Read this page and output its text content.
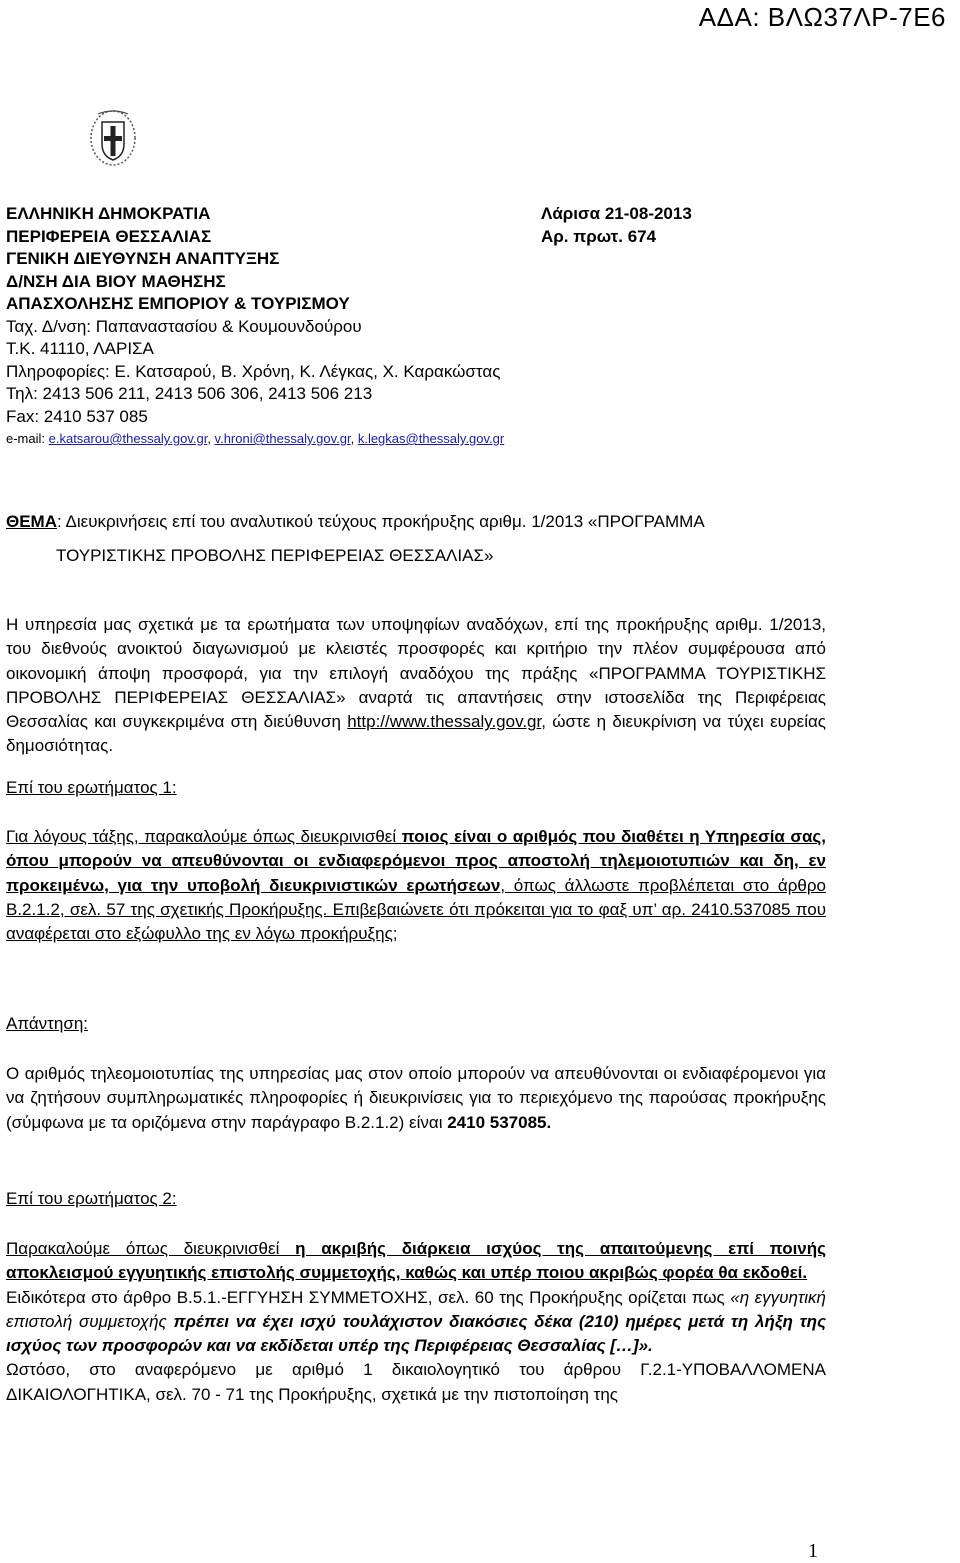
ΑΔΑ: ΒΛΩ37ΛΡ-7Ε6
ΕΛΛΗΝΙΚΗ ΔΗΜΟΚΡΑΤΙΑ
ΠΕΡΙΦΕΡΕΙΑ ΘΕΣΣΑΛΙΑΣ
ΓΕΝΙΚΗ ΔΙΕΥΘΥΝΣΗ ΑΝΑΠΤΥΞΗΣ
Δ/ΝΣΗ ΔΙΑ ΒΙΟΥ ΜΑΘΗΣΗΣ
ΑΠΑΣΧΟΛΗΣΗΣ ΕΜΠΟΡΙΟΥ & ΤΟΥΡΙΣΜΟΥ
Ταχ. Δ/νση: Παπαναστασίου & Κουμουνδούρου
Τ.Κ. 41110, ΛΑΡΙΣΑ
Πληροφορίες: Ε. Κατσαρού, Β. Χρόνη, Κ. Λέγκας, Χ. Καρακώστας
Τηλ: 2413 506 211, 2413 506 306, 2413 506 213
Fax: 2410 537 085
e-mail: e.katsarou@thessaly.gov.gr, v.hroni@thessaly.gov.gr, k.legkas@thessaly.gov.gr
Λάρισα 21-08-2013
Αρ. πρωτ. 674
ΘΕΜΑ: Διευκρινήσεις επί του αναλυτικού τεύχους προκήρυξης αριθμ. 1/2013 «ΠΡΟΓΡΑΜΜΑ
ΤΟΥΡΙΣΤΙΚΗΣ ΠΡΟΒΟΛΗΣ ΠΕΡΙΦΕΡΕΙΑΣ ΘΕΣΣΑΛΙΑΣ»
Η υπηρεσία μας σχετικά με τα ερωτήματα των υποψηφίων αναδόχων, επί της προκήρυξης αριθμ. 1/2013, του διεθνούς ανοικτού διαγωνισμού με κλειστές προσφορές και κριτήριο την πλέον συμφέρουσα από οικονομική άποψη προσφορά, για την επιλογή αναδόχου της πράξης «ΠΡΟΓΡΑΜΜΑ ΤΟΥΡΙΣΤΙΚΗΣ ΠΡΟΒΟΛΗΣ ΠΕΡΙΦΕΡΕΙΑΣ ΘΕΣΣΑΛΙΑΣ» αναρτά τις απαντήσεις στην ιστοσελίδα της Περιφέρειας Θεσσαλίας και συγκεκριμένα στη διεύθυνση http://www.thessaly.gov.gr, ώστε η διευκρίνιση να τύχει ευρείας δημοσιότητας.
Επί του ερωτήματος 1:
Για λόγους τάξης, παρακαλούμε όπως διευκρινισθεί ποιος είναι ο αριθμός που διαθέτει η Υπηρεσία σας, όπου μπορούν να απευθύνονται οι ενδιαφερόμενοι προς αποστολή τηλεμοιοτυπιών και δη, εν προκειμένω, για την υποβολή διευκρινιστικών ερωτήσεων, όπως άλλωστε προβλέπεται στο άρθρο Β.2.1.2, σελ. 57 της σχετικής Προκήρυξης. Επιβεβαιώνετε ότι πρόκειται για το φαξ υπ’ αρ. 2410.537085 που αναφέρεται στο εξώφυλλο της εν λόγω προκήρυξης;
Απάντηση:
Ο αριθμός τηλεομοιοτυπίας της υπηρεσίας μας στον οποίο μπορούν να απευθύνονται οι ενδιαφέρομενοι για να ζητήσουν συμπληρωματικές πληροφορίες ή διευκρινίσεις για το περιεχόμενο της παρούσας προκήρυξης (σύμφωνα με τα οριζόμενα στην παράγραφο Β.2.1.2) είναι 2410 537085.
Επί του ερωτήματος 2:
Παρακαλούμε όπως διευκρινισθεί η ακριβής διάρκεια ισχύος της απαιτούμενης επί ποινής αποκλεισμού εγγυητικής επιστολής συμμετοχής, καθώς και υπέρ ποιου ακριβώς φορέα θα εκδοθεί.
Ειδικότερα στο άρθρο Β.5.1.-ΕΓΓΥΗΣΗ ΣΥΜΜΕΤΟΧΗΣ, σελ. 60 της Προκήρυξης ορίζεται πως «η εγγυητική επιστολή συμμετοχής πρέπει να έχει ισχύ τουλάχιστον διακόσιες δέκα (210) ημέρες μετά τη λήξη της ισχύος των προσφορών και να εκδίδεται υπέρ της Περιφέρειας Θεσσαλίας […]».
Ωστόσο, στο αναφερόμενο με αριθμό 1 δικαιολογητικό του άρθρου Γ.2.1-ΥΠΟΒΑΛΛΟΜΕΝΑ ΔΙΚΑΙΟΛΟΓΗΤΙΚΑ, σελ. 70 - 71 της Προκήρυξης, σχετικά με την πιστοποίηση της
1
